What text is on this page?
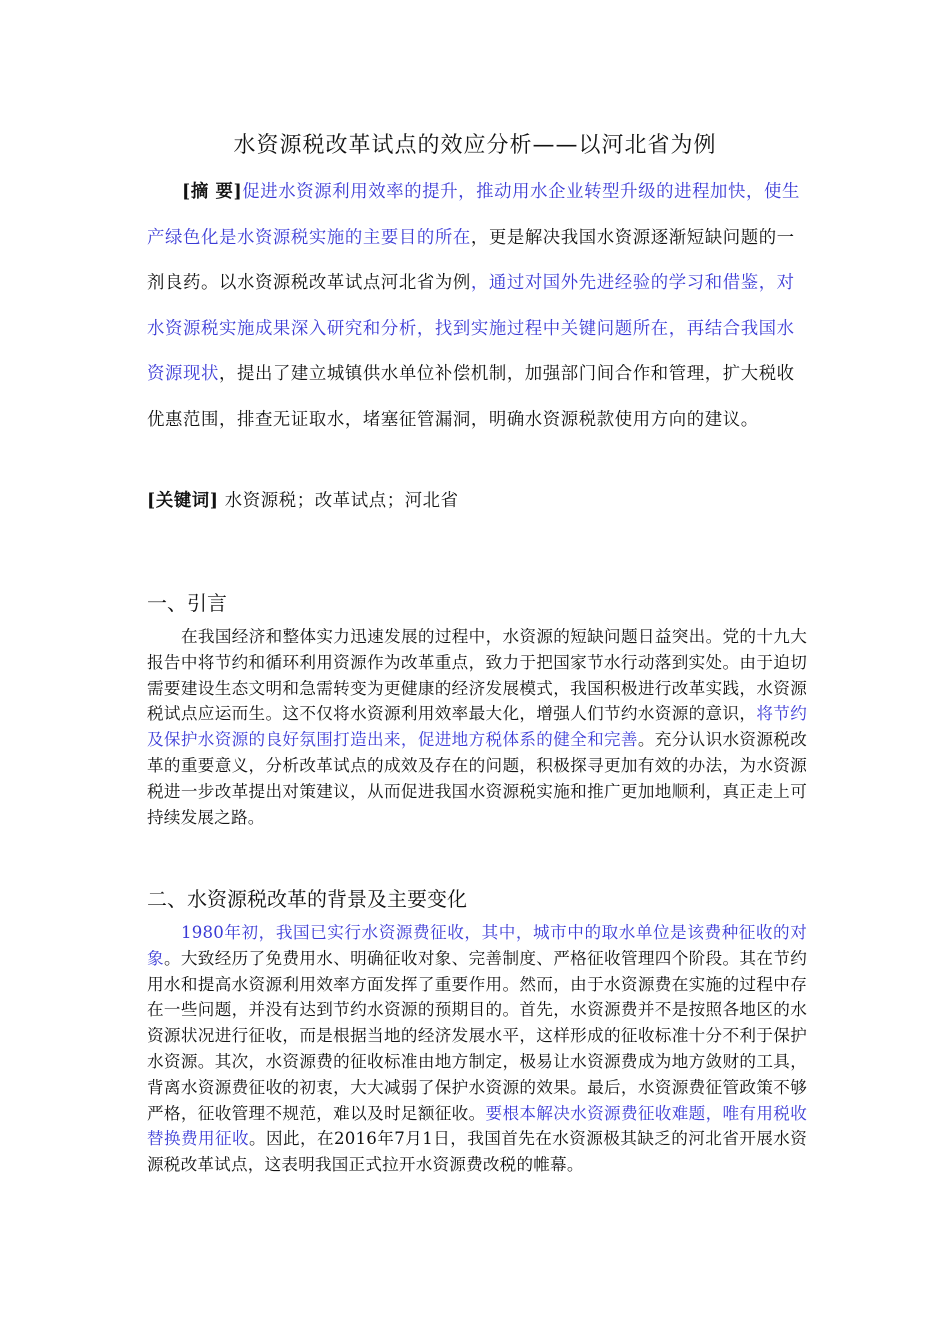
水资源税改革试点的效应分析——以河北省为例
[摘 要]促进水资源利用效率的提升，推动用水企业转型升级的进程加快，使生产绿色化是水资源税实施的主要目的所在，更是解决我国水资源逐渐短缺问题的一剂良药。以水资源税改革试点河北省为例，通过对国外先进经验的学习和借鉴，对水资源税实施成果深入研究和分析，找到实施过程中关键问题所在，再结合我国水资源现状，提出了建立城镇供水单位补偿机制，加强部门间合作和管理，扩大税收优惠范围，排查无证取水，堵塞征管漏洞，明确水资源税款使用方向的建议。
[关键词] 水资源税；改革试点；河北省
一、引言

在我国经济和整体实力迅速发展的过程中，水资源的短缺问题日益突出。党的十九大报告中将节约和循环利用资源作为改革重点，致力于把国家节水行动落到实处。由于迫切需要建设生态文明和急需转变为更健康的经济发展模式，我国积极进行改革实践，水资源税试点应运而生。这不仅将水资源利用效率最大化，增强人们节约水资源的意识，将节约及保护水资源的良好氛围打造出来，促进地方税体系的健全和完善。充分认识水资源税改革的重要意义，分析改革试点的成效及存在的问题，积极探寻更加有效的办法，为水资源税进一步改革提出对策建议，从而促进我国水资源税实施和推广更加地顺利，真正走上可持续发展之路。

二、水资源税改革的背景及主要变化

1980年初，我国已实行水资源费征收，其中，城市中的取水单位是该费种征收的对象。大致经历了免费用水、明确征收对象、完善制度、严格征收管理四个阶段。其在节约用水和提高水资源利用效率方面发挥了重要作用。然而，由于水资源费在实施的过程中存在一些问题，并没有达到节约水资源的预期目的。首先，水资源费并不是按照各地区的水资源状况进行征收，而是根据当地的经济发展水平，这样形成的征收标准十分不利于保护水资源。其次，水资源费的征收标准由地方制定，极易让水资源费成为地方敛财的工具，背离水资源费征收的初衷，大大减弱了保护水资源的效果。最后，水资源费征管政策不够严格，征收管理不规范，难以及时足额征收。要根本解决水资源费征收难题，唯有用税收替换费用征收。因此，在2016年7月1日，我国首先在水资源极其缺乏的河北省开展水资源税改革试点，这表明我国正式拉开水资源费改税的帷幕。
